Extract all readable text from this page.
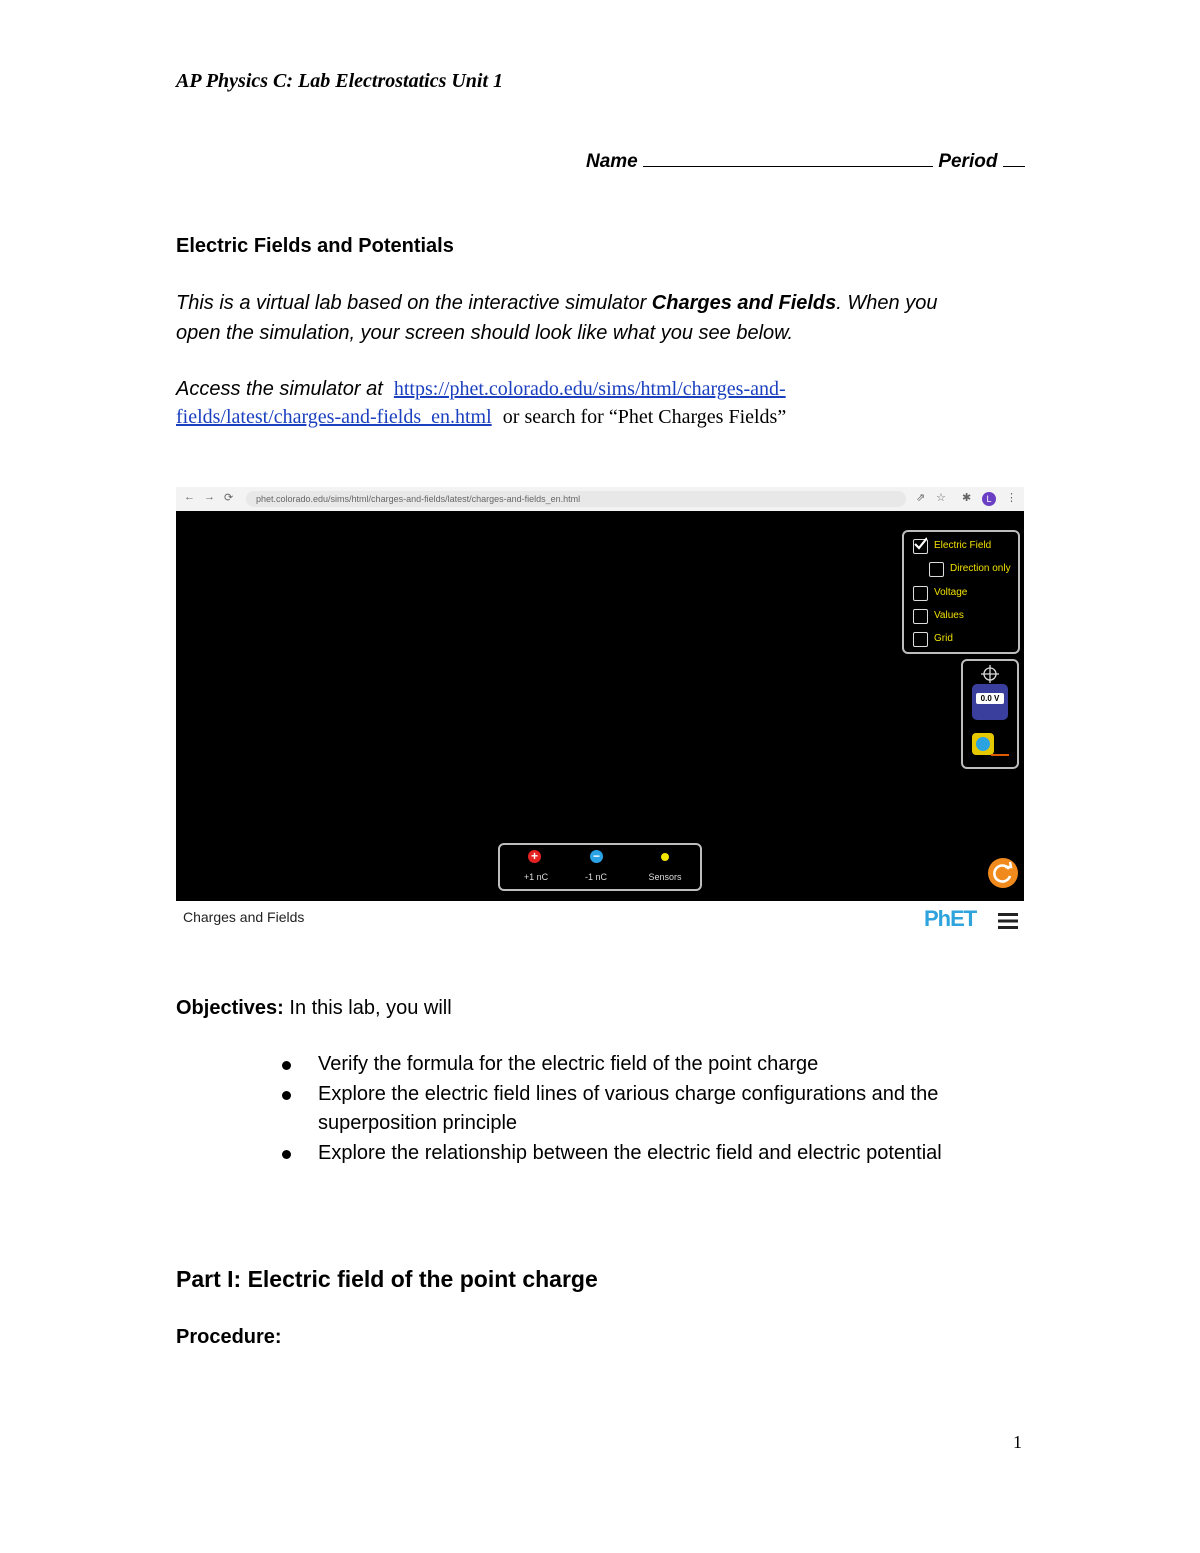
AP Physics C: Lab Electrostatics Unit 1
Name	Period
Electric Fields and Potentials
This is a virtual lab based on the interactive simulator Charges and Fields. When you
open the simulation, your screen should look like what you see below.
Access the simulator at https://phet.colorado.edu/sims/html/charges-and-
fields/latest/charges-and-fields_en.html or search for “Phet Charges Fields”
← → ⟳	phet.colorado.edu/sims/html/charges-and-fields/latest/charges-and-fields_en.html	⇗ ☆ ✱	L	⋮
Electric Field
Direction only
Voltage
Values
Grid
0.0 V
+
+1 nC
−
-1 nC	Sensors
Charges and Fields	PhET
Objectives: In this lab, you will
Verify the formula for the electric field of the point charge
Explore the electric field lines of various charge configurations and the superposition principle
Explore the relationship between the electric field and electric potential
Part I: Electric field of the point charge
Procedure:
1
